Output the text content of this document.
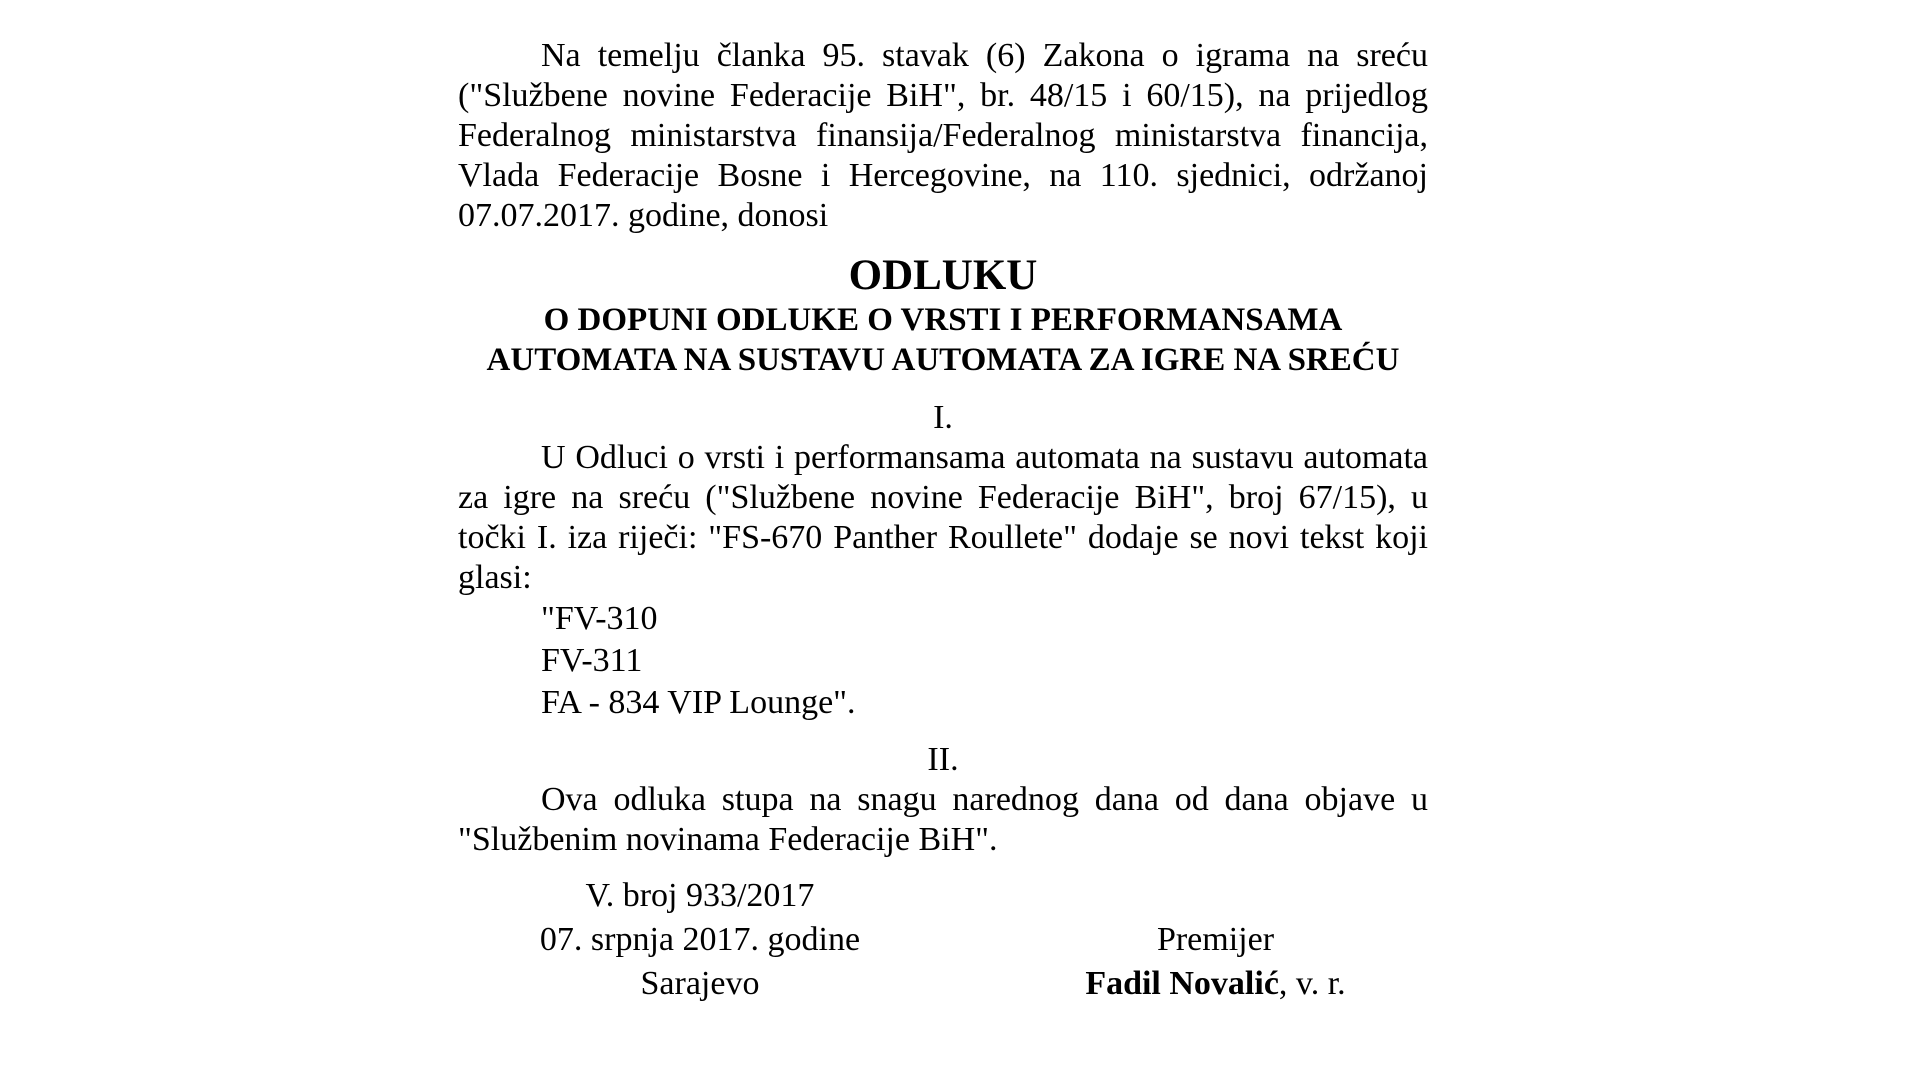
Na temelju članka 95. stavak (6) Zakona o igrama na sreću ("Službene novine Federacije BiH", br. 48/15 i 60/15), na prijedlog Federalnog ministarstva finansija/Federalnog ministarstva financija, Vlada Federacije Bosne i Hercegovine, na 110. sjednici, održanoj 07.07.2017. godine, donosi

ODLUKU
O DOPUNI ODLUKE O VRSTI I PERFORMANSAMA AUTOMATA NA SUSTAVU AUTOMATA ZA IGRE NA SREĆU
I.

U Odluci o vrsti i performansama automata na sustavu automata za igre na sreću ("Službene novine Federacije BiH", broj 67/15), u točki I. iza riječi: "FS-670 Panther Roullete" dodaje se novi tekst koji glasi:

"FV-310
FV-311
FA - 834 VIP Lounge".
II.

Ova odluka stupa na snagu narednog dana od dana objave u "Službenim novinama Federacije BiH".

V. broj 933/2017
07. srpnja 2017. godine
Sarajevo
Premijer
Fadil Novalić, v. r.
